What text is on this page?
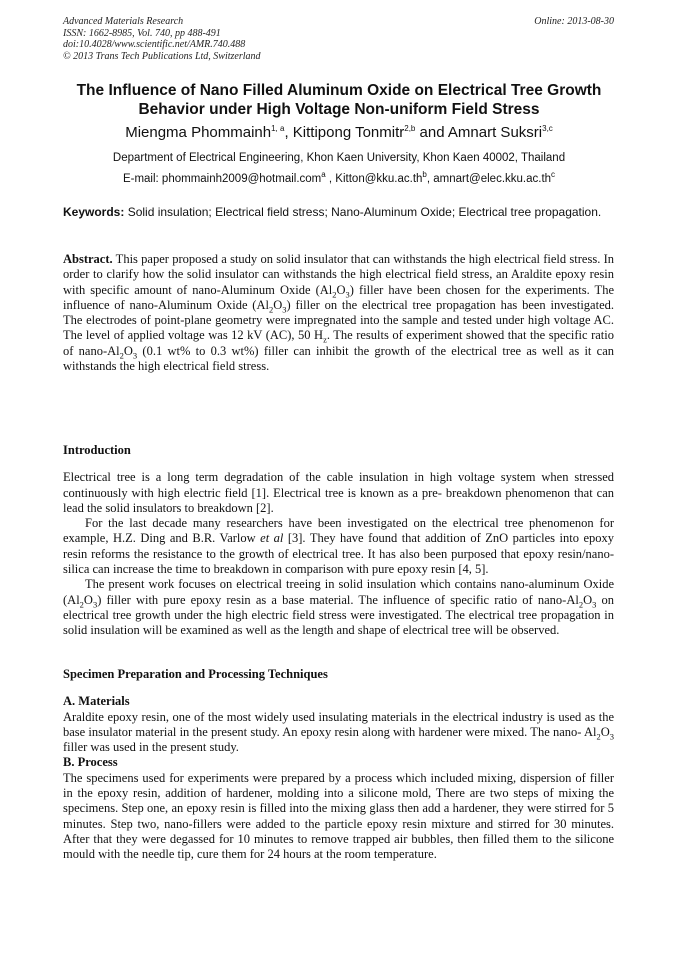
Advanced Materials Research
ISSN: 1662-8985, Vol. 740, pp 488-491
doi:10.4028/www.scientific.net/AMR.740.488
© 2013 Trans Tech Publications Ltd, Switzerland
Online: 2013-08-30
The Influence of Nano Filled Aluminum Oxide on Electrical Tree Growth
Behavior under High Voltage Non-uniform Field Stress
Miengma Phommainh$^{1, a}$, Kittipong Tonmitr$^{2,b}$ and Amnart Suksri$^{3,c}$
Department of Electrical Engineering, Khon Kaen University, Khon Kaen 40002, Thailand
E-mail: phommainh2009@hotmail.com$^a$ , $Kitton@kku.ac.th^b$, $amnart@elec.kku.ac.th^c$
Keywords: Solid insulation; Electrical field stress; Nano-Aluminum Oxide; Electrical tree propagation.
Abstract. This paper proposed a study on solid insulator that can withstands the high electrical field stress. In order to clarify how the solid insulator can withstands the high electrical field stress, an Araldite epoxy resin with specific amount of nano-Aluminum Oxide $(Al_2O_3)$ filler have been chosen for the experiments. The influence of nano-Aluminum Oxide $(Al_2O_3)$ filler on the electrical tree propagation has been investigated. The electrodes of point-plane geometry were impregnated into the sample and tested under high voltage AC. The level of applied voltage was 12 kV (AC), 50 $H_z$. The results of experiment showed that the specific ratio of nano-$Al_2O_3$ (0.1 wt% to 0.3 wt%) filler can inhibit the growth of the electrical tree as well as it can withstands the high electrical field stress.
Introduction

Electrical tree is a long term degradation of the cable insulation in high voltage system when stressed continuously with high electric field [1]. Electrical tree is known as a pre- breakdown phenomenon that can lead the solid insulators to breakdown [2].

For the last decade many researchers have been investigated on the electrical tree phenomenon for example, H.Z. Ding and B.R. Varlow et al [3]. They have found that addition of ZnO particles into epoxy resin reforms the resistance to the growth of electrical tree. It has also been purposed that epoxy resin/nano-silica can increase the time to breakdown in comparison with pure epoxy resin [4, 5].

The present work focuses on electrical treeing in solid insulation which contains nano-aluminum Oxide $(Al_2O_3)$ filler with pure epoxy resin as a base material. The influence of specific ratio of nano-$Al_2O_3$ on electrical tree growth under the high electric field stress were investigated. The electrical tree propagation in solid insulation will be examined as well as the length and shape of electrical tree will be observed.

Specimen Preparation and Processing Techniques
A. Materials

Araldite epoxy resin, one of the most widely used insulating materials in the electrical industry is used as the base insulator material in the present study. An epoxy resin along with hardener were mixed. The nano- $Al_2O_3$ filler was used in the present study.

B. Process

The specimens used for experiments were prepared by a process which included mixing, dispersion of filler in the epoxy resin, addition of hardener, molding into a silicone mold, There are two steps of mixing the specimens. Step one, an epoxy resin is filled into the mixing glass then add a hardener, they were stirred for 5 minutes. Step two, nano-fillers were added to the particle epoxy resin mixture and stirred for 30 minutes. After that they were degassed for 10 minutes to remove trapped air bubbles, then filled them to the silicone mould with the needle tip, cure them for 24 hours at the room temperature.
